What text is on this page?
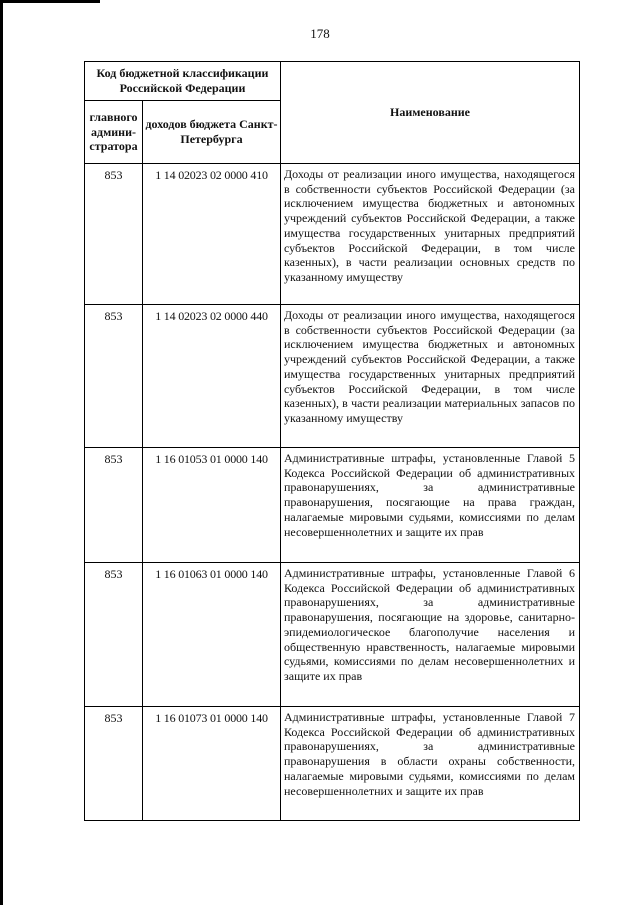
178
Код бюджетной классификации Российской Федерации		Наименование
главного админи-стратора	доходов бюджета Санкт-Петербурга	
853	1 14 02023 02 0000 410	Доходы от реализации иного имущества, находящегося в собственности субъектов Российской Федерации (за исключением имущества бюджетных и автономных учреждений субъектов Российской Федерации, а также имущества государственных унитарных предприятий субъектов Российской Федерации, в том числе казенных), в части реализации основных средств по указанному имуществу
853	1 14 02023 02 0000 440	Доходы от реализации иного имущества, находящегося в собственности субъектов Российской Федерации (за исключением имущества бюджетных и автономных учреждений субъектов Российской Федерации, а также имущества государственных унитарных предприятий субъектов Российской Федерации, в том числе казенных), в части реализации материальных запасов по указанному имуществу
853	1 16 01053 01 0000 140	Административные штрафы, установленные Главой 5 Кодекса Российской Федерации об административных правонарушениях, за административные правонарушения, посягающие на права граждан, налагаемые мировыми судьями, комиссиями по делам несовершеннолетних и защите их прав
853	1 16 01063 01 0000 140	Административные штрафы, установленные Главой 6 Кодекса Российской Федерации об административных правонарушениях, за административные правонарушения, посягающие на здоровье, санитарно-эпидемиологическое благополучие населения и общественную нравственность, налагаемые мировыми судьями, комиссиями по делам несовершеннолетних и защите их прав
853	1 16 01073 01 0000 140	Административные штрафы, установленные Главой 7 Кодекса Российской Федерации об административных правонарушениях, за административные правонарушения в области охраны собственности, налагаемые мировыми судьями, комиссиями по делам несовершеннолетних и защите их прав
